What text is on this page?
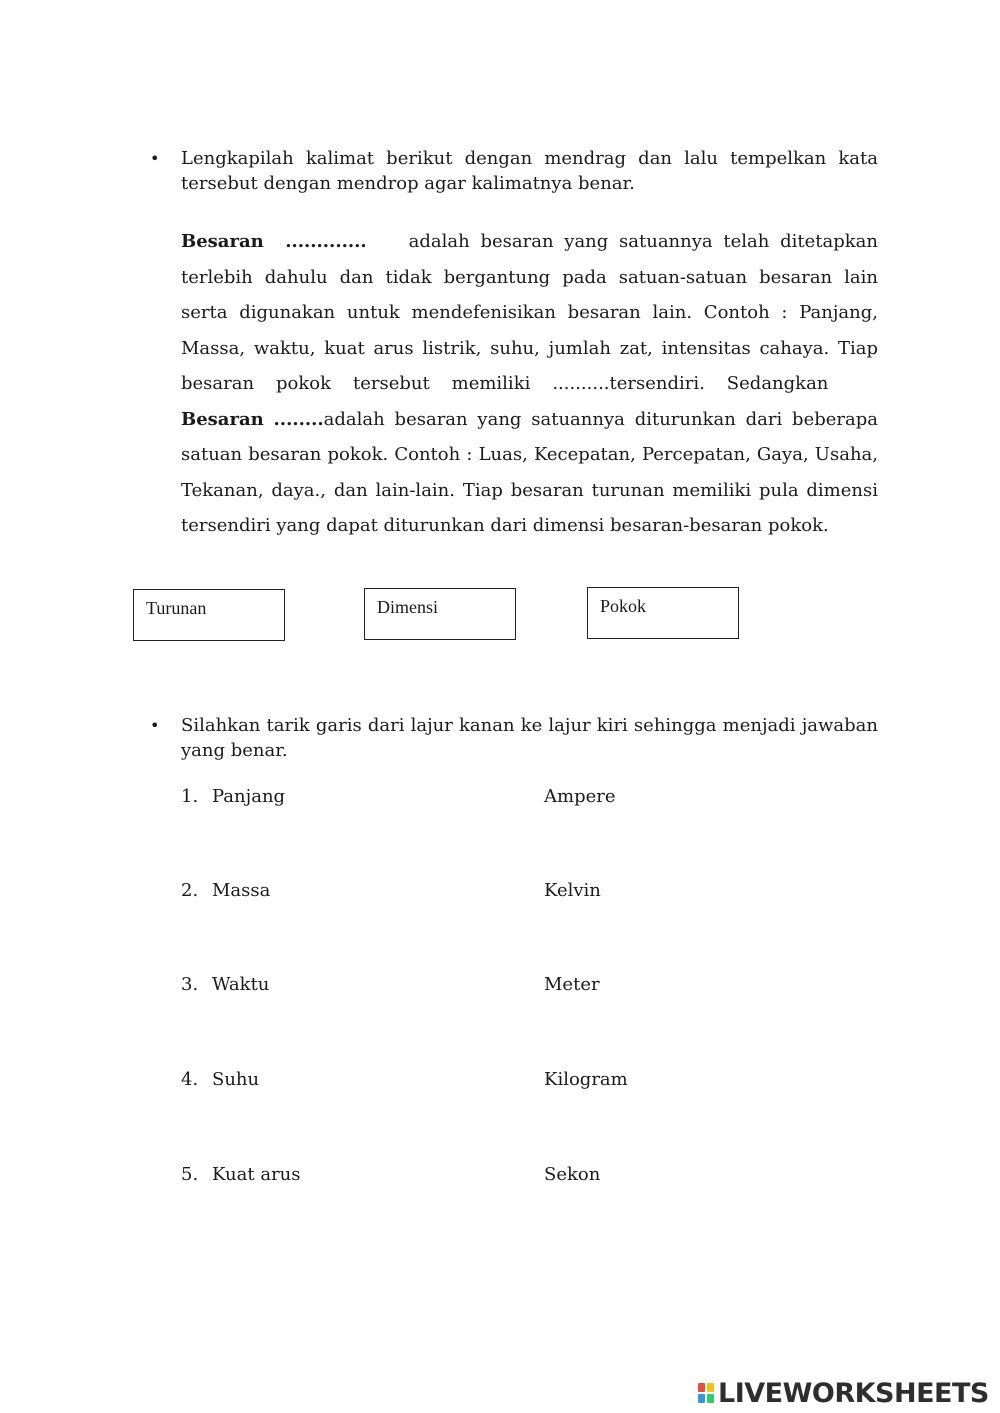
•	Lengkapilah kalimat berikut dengan mendrag dan lalu tempelkan kata tersebut dengan mendrop agar kalimatnya benar.
Besaran ............. adalah besaran yang satuannya telah ditetapkan terlebih dahulu dan tidak bergantung pada satuan-satuan besaran lain serta digunakan untuk mendefenisikan besaran lain. Contoh : Panjang, Massa, waktu, kuat arus listrik, suhu, jumlah zat, intensitas cahaya. Tiap besaran pokok tersebut memiliki ..........tersendiri. Sedangkan    Besaran ........adalah besaran yang satuannya diturunkan dari beberapa satuan besaran pokok. Contoh : Luas, Kecepatan, Percepatan, Gaya, Usaha, Tekanan, daya., dan lain-lain. Tiap besaran turunan memiliki pula dimensi tersendiri yang dapat diturunkan dari dimensi besaran-besaran pokok.
Turunan	Dimensi	Pokok
•	Silahkan tarik garis dari lajur kanan ke lajur kiri sehingga menjadi jawaban yang benar.
1. Panjang	Ampere
2. Massa	Kelvin
3. Waktu	Meter
4. Suhu	Kilogram
5. Kuat arus	Sekon
LIVEWORKSHEETS
